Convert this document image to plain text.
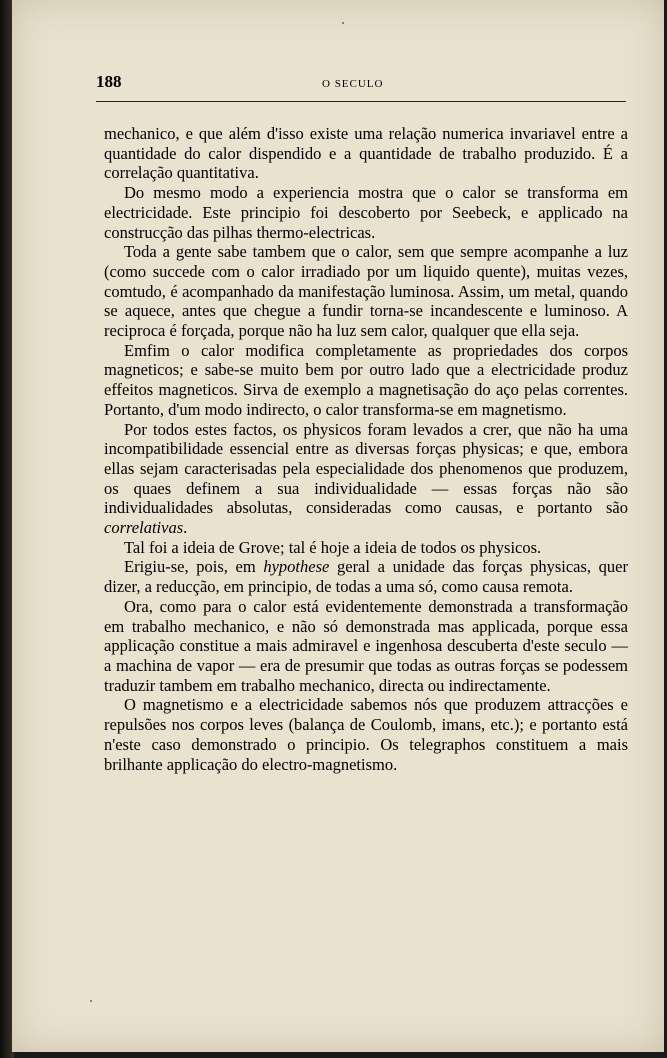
188	O SECULO

mechanico, e que além d'isso existe uma relação numerica invariavel entre a quantidade do calor dispendido e a quantidade de trabalho produzido. É a correlação quantitativa.

Do mesmo modo a experiencia mostra que o calor se transforma em electricidade. Este principio foi descoberto por Seebeck, e applicado na construcção das pilhas thermo-electricas.

Toda a gente sabe tambem que o calor, sem que sempre acompanhe a luz (como succede com o calor irradiado por um liquido quente), muitas vezes, comtudo, é acompanhado da manifestação luminosa. Assim, um metal, quando se aquece, antes que chegue a fundir torna-se incandescente e luminoso. A reciproca é forçada, porque não ha luz sem calor, qualquer que ella seja.

Emfim o calor modifica completamente as propriedades dos corpos magneticos; e sabe-se muito bem por outro lado que a electricidade produz effeitos magneticos. Sirva de exemplo a magnetisação do aço pelas correntes. Portanto, d'um modo indirecto, o calor transforma-se em magnetismo.

Por todos estes factos, os physicos foram levados a crer, que não ha uma incompatibilidade essencial entre as diversas forças physicas; e que, embora ellas sejam caracterisadas pela especialidade dos phenomenos que produzem, os quaes definem a sua individualidade — essas forças não são individualidades absolutas, consideradas como causas, e portanto são correlativas.

Tal foi a ideia de Grove; tal é hoje a ideia de todos os physicos.

Erigiu-se, pois, em hypothese geral a unidade das forças physicas, quer dizer, a reducção, em principio, de todas a uma só, como causa remota.

Ora, como para o calor está evidentemente demonstrada a transformação em trabalho mechanico, e não só demonstrada mas applicada, porque essa applicação constitue a mais admiravel e ingenhosa descuberta d'este seculo — a machina de vapor — era de presumir que todas as outras forças se podessem traduzir tambem em trabalho mechanico, directa ou indirectamente.

O magnetismo e a electricidade sabemos nós que produzem attracções e repulsões nos corpos leves (balança de Coulomb, imans, etc.); e portanto está n'este caso demonstrado o principio. Os telegraphos constituem a mais brilhante applicação do electro-magnetismo.
